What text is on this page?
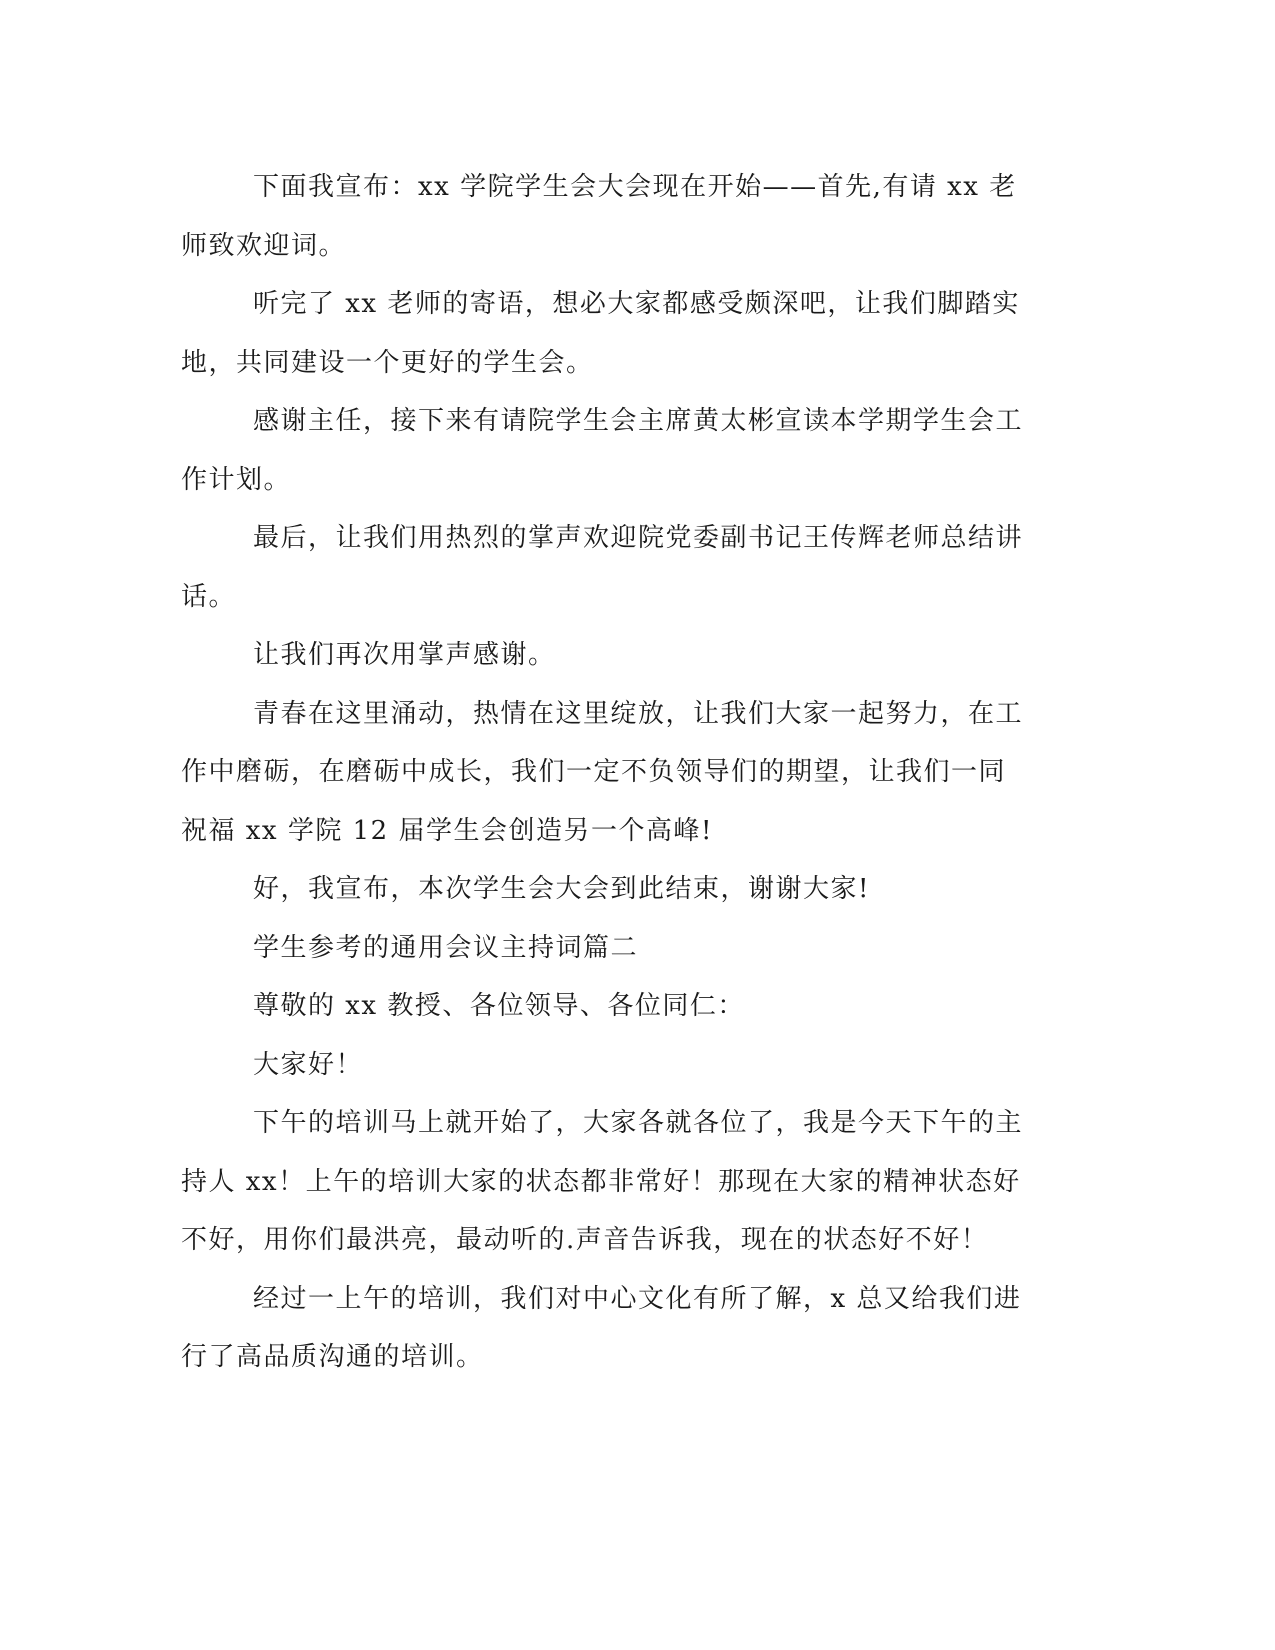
下面我宣布：xx 学院学生会大会现在开始——首先,有请 xx 老师致欢迎词。

听完了 xx 老师的寄语，想必大家都感受颇深吧，让我们脚踏实地，共同建设一个更好的学生会。

感谢主任，接下来有请院学生会主席黄太彬宣读本学期学生会工作计划。

最后，让我们用热烈的掌声欢迎院党委副书记王传辉老师总结讲话。

让我们再次用掌声感谢。

青春在这里涌动，热情在这里绽放，让我们大家一起努力，在工作中磨砺，在磨砺中成长，我们一定不负领导们的期望，让我们一同祝福 xx 学院 12 届学生会创造另一个高峰!

好，我宣布，本次学生会大会到此结束，谢谢大家!

学生参考的通用会议主持词篇二

尊敬的 xx 教授、各位领导、各位同仁：

大家好！

下午的培训马上就开始了，大家各就各位了，我是今天下午的主持人 xx！上午的培训大家的状态都非常好！那现在大家的精神状态好不好，用你们最洪亮，最动听的.声音告诉我，现在的状态好不好！

经过一上午的培训，我们对中心文化有所了解，x 总又给我们进行了高品质沟通的培训。
